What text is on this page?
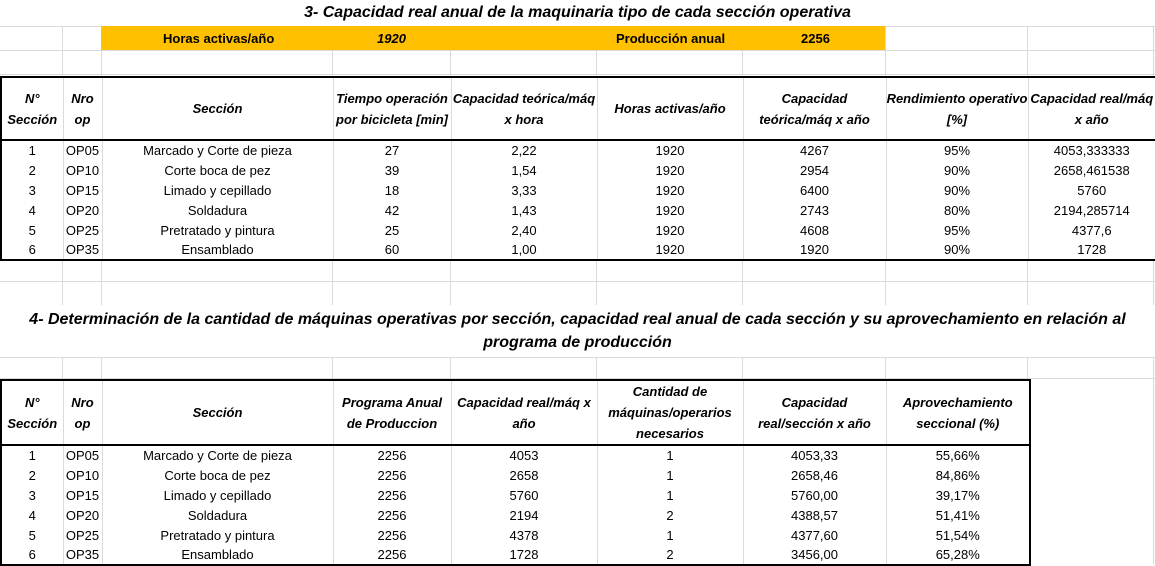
3- Capacidad real anual de la maquinaria tipo de cada sección operativa
Horas activas/año	1920	Producción anual	2256
N° Sección	Nro op	Sección	Tiempo operación por bicicleta [min]	Capacidad teórica/máq x hora	Horas activas/año	Capacidad teórica/máq x año	Rendimiento operativo [%]	Capacidad real/máq x año
1	OP05	Marcado y Corte de pieza	27	2,22	1920	4267	95%	4053,333333
2	OP10	Corte boca de pez	39	1,54	1920	2954	90%	2658,461538
3	OP15	Limado y cepillado	18	3,33	1920	6400	90%	5760
4	OP20	Soldadura	42	1,43	1920	2743	80%	2194,285714
5	OP25	Pretratado y pintura	25	2,40	1920	4608	95%	4377,6
6	OP35	Ensamblado	60	1,00	1920	1920	90%	1728
4- Determinación de la cantidad de máquinas operativas por sección, capacidad real anual de cada sección y su aprovechamiento en relación al
programa de producción
N° Sección	Nro op	Sección	Programa Anual de Produccion	Capacidad real/máq x año	Cantidad de máquinas/operarios necesarios	Capacidad real/sección x año	Aprovechamiento seccional (%)
1	OP05	Marcado y Corte de pieza	2256	4053	1	4053,33	55,66%
2	OP10	Corte boca de pez	2256	2658	1	2658,46	84,86%
3	OP15	Limado y cepillado	2256	5760	1	5760,00	39,17%
4	OP20	Soldadura	2256	2194	2	4388,57	51,41%
5	OP25	Pretratado y pintura	2256	4378	1	4377,60	51,54%
6	OP35	Ensamblado	2256	1728	2	3456,00	65,28%
